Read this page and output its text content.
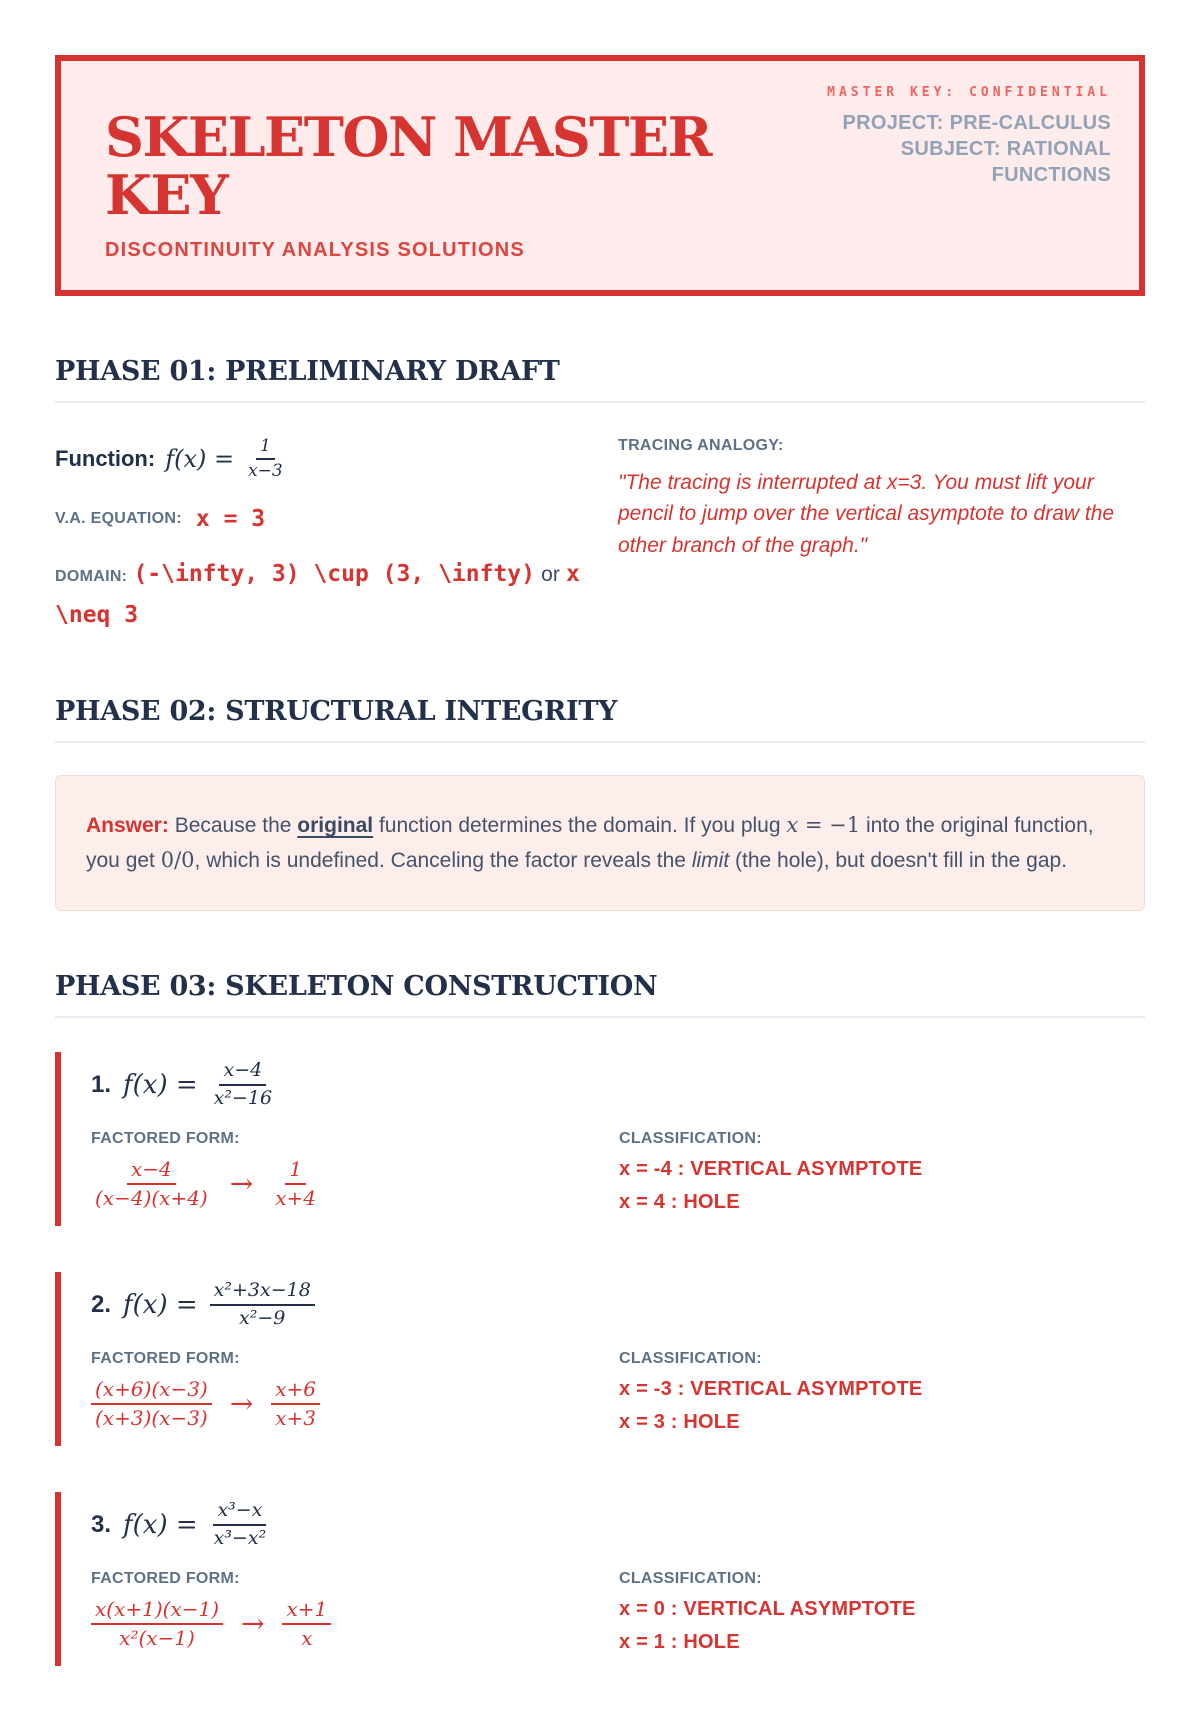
MASTER KEY: CONFIDENTIAL
PROJECT: PRE-CALCULUS
SUBJECT: RATIONAL FUNCTIONS
SKELETON MASTER KEY

DISCONTINUITY ANALYSIS SOLUTIONS

PHASE 01: PRELIMINARY DRAFT
Function: $f(x) = \frac{1}{x-3}$
V.A. EQUATION: x = 3

DOMAIN: (-\infty, 3) \cup (3, \infty) or x \neq 3

TRACING ANALOGY:

"The tracing is interrupted at x=3. You must lift your pencil to jump over the vertical asymptote to draw the other branch of the graph."

PHASE 02: STRUCTURAL INTEGRITY

Answer: Because the original function determines the domain. If you plug x = −1 into the original function, you get 0/0, which is undefined. Canceling the factor reveals the limit (the hole), but doesn't fill in the gap.

PHASE 03: SKELETON CONSTRUCTION
1. $f(x) = \frac{x-4}{\text{x²−16}}$
FACTORED FORM:
$\frac{x-4}{(x-4)(x+4)} \to \frac{1}{x+4}$
CLASSIFICATION:
x = -4 : VERTICAL ASYMPTOTE
x = 4 : HOLE
2. $f(x) = \frac{\text{x²+3x−18}}{\text{x²−9}}$
FACTORED FORM:
$\frac{(x+6)(x-3)}{(x+3)(x-3)} \to \frac{x+6}{x+3}$
CLASSIFICATION:
x = -3 : VERTICAL ASYMPTOTE
x = 3 : HOLE
3. $f(x) = \frac{\text{x³−x}}{\text{x³−x²}}$
FACTORED FORM:
$\frac{x(x+1)(x-1)}{\text{x²(x−1)}} \to \frac{x+1}{x}$
CLASSIFICATION:
x = 0 : VERTICAL ASYMPTOTE
x = 1 : HOLE
